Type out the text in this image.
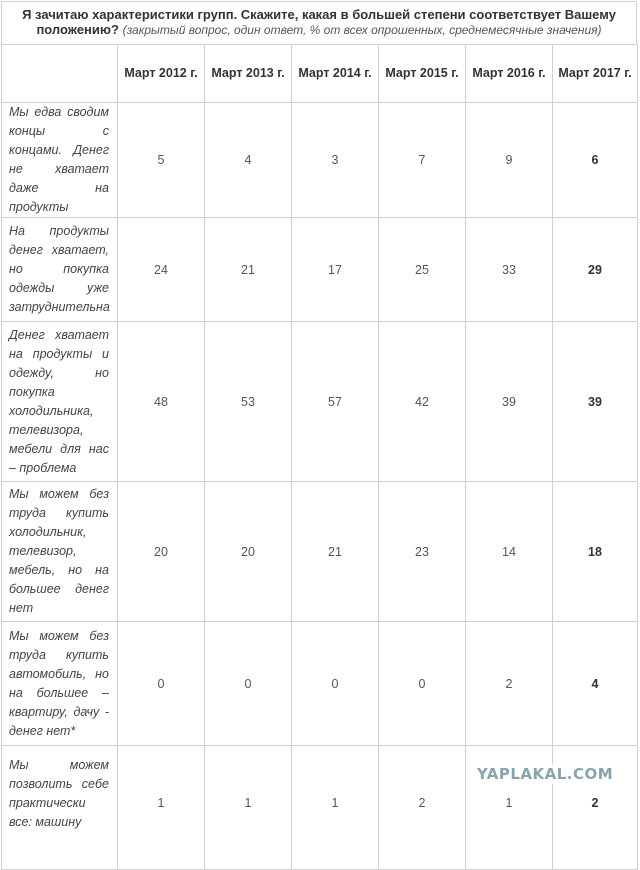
Я зачитаю характеристики групп. Скажите, какая в большей степени соответствует Вашему положению? (закрытый вопрос, один ответ, % от всех опрошенных, среднемесячные значения)
	Март 2012 г.	Март 2013 г.	Март 2014 г.	Март 2015 г.	Март 2016 г.	Март 2017 г.
Мы едва сводим концы с концами. Денег не хватает даже на продукты	5	4	3	7	9	6
На продукты денег хватает, но покупка одежды уже затруднительна	24	21	17	25	33	29
Денег хватает на продукты и одежду, но покупка холодильника, телевизора, мебели для нас – проблема	48	53	57	42	39	39
Мы можем без труда купить холодильник, телевизор, мебель, но на большее денег нет	20	20	21	23	14	18
Мы можем без труда купить автомобиль, но на большее – квартиру, дачу - денег нет*	0	0	0	0	2	4
Мы можем позволить себе практически все: машину	1	1	1	2	1	2
YAPLAKAL.COM
